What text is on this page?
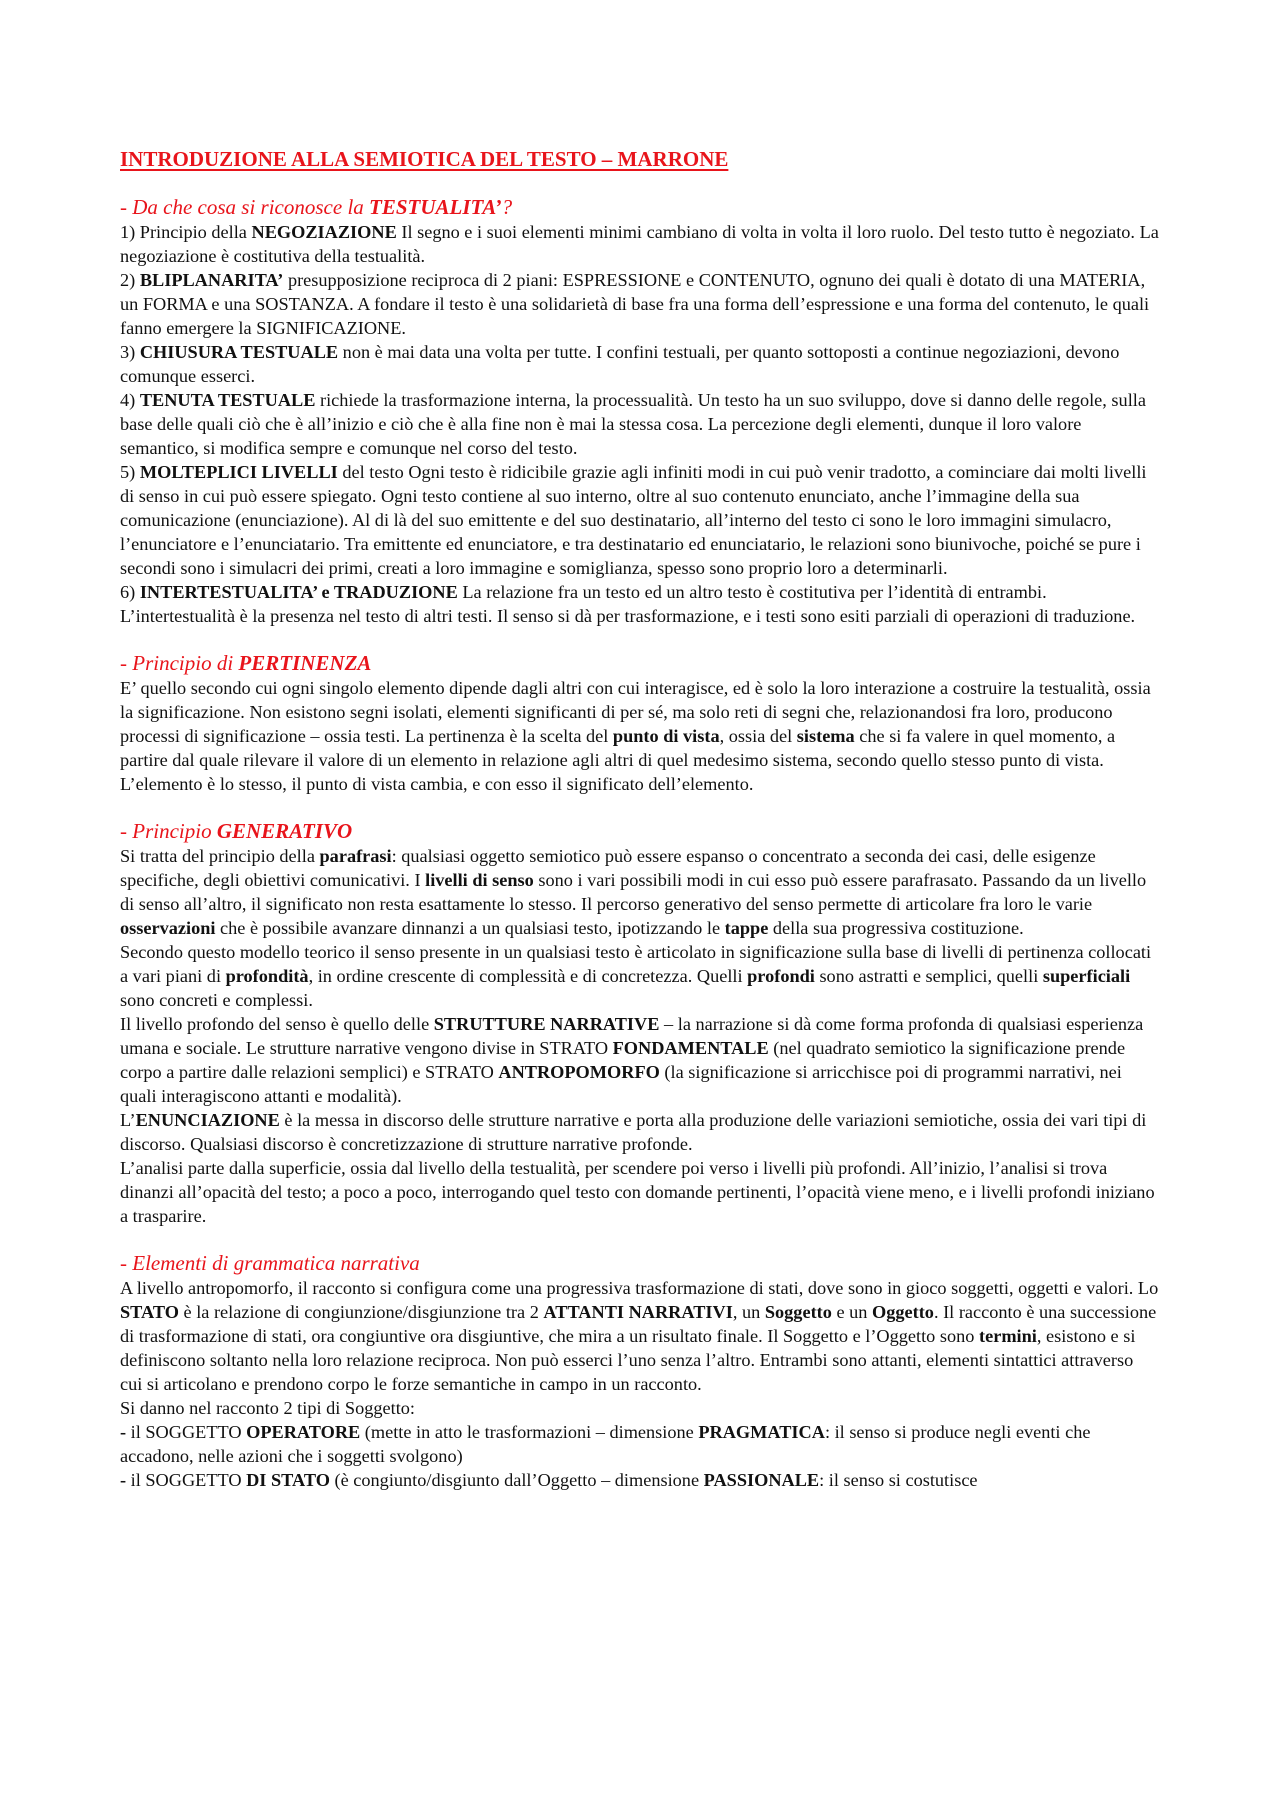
INTRODUZIONE ALLA SEMIOTICA DEL TESTO – MARRONE
- Da che cosa si riconosce la TESTUALITA’?

1) Principio della NEGOZIAZIONE Il segno e i suoi elementi minimi cambiano di volta in volta il loro ruolo. Del testo tutto è negoziato. La negoziazione è costitutiva della testualità.

2) BLIPLANARITA’ presupposizione reciproca di 2 piani: ESPRESSIONE e CONTENUTO, ognuno dei quali è dotato di una MATERIA, un FORMA e una SOSTANZA. A fondare il testo è una solidarietà di base fra una forma dell’espressione e una forma del contenuto, le quali fanno emergere la SIGNIFICAZIONE.

3) CHIUSURA TESTUALE non è mai data una volta per tutte. I confini testuali, per quanto sottoposti a continue negoziazioni, devono comunque esserci.

4) TENUTA TESTUALE richiede la trasformazione interna, la processualità. Un testo ha un suo sviluppo, dove si danno delle regole, sulla base delle quali ciò che è all’inizio e ciò che è alla fine non è mai la stessa cosa. La percezione degli elementi, dunque il loro valore semantico, si modifica sempre e comunque nel corso del testo.

5) MOLTEPLICI LIVELLI del testo Ogni testo è ridicibile grazie agli infiniti modi in cui può venir tradotto, a cominciare dai molti livelli di senso in cui può essere spiegato. Ogni testo contiene al suo interno, oltre al suo contenuto enunciato, anche l’immagine della sua comunicazione (enunciazione). Al di là del suo emittente e del suo destinatario, all’interno del testo ci sono le loro immagini simulacro, l’enunciatore e l’enunciatario. Tra emittente ed enunciatore, e tra destinatario ed enunciatario, le relazioni sono biunivoche, poiché se pure i secondi sono i simulacri dei primi, creati a loro immagine e somiglianza, spesso sono proprio loro a determinarli.

6) INTERTESTUALITA’ e TRADUZIONE La relazione fra un testo ed un altro testo è costitutiva per l’identità di entrambi. L’intertestualità è la presenza nel testo di altri testi. Il senso si dà per trasformazione, e i testi sono esiti parziali di operazioni di traduzione.

- Principio di PERTINENZA

E’ quello secondo cui ogni singolo elemento dipende dagli altri con cui interagisce, ed è solo la loro interazione a costruire la testualità, ossia la significazione. Non esistono segni isolati, elementi significanti di per sé, ma solo reti di segni che, relazionandosi fra loro, producono processi di significazione – ossia testi. La pertinenza è la scelta del punto di vista, ossia del sistema che si fa valere in quel momento, a partire dal quale rilevare il valore di un elemento in relazione agli altri di quel medesimo sistema, secondo quello stesso punto di vista. L’elemento è lo stesso, il punto di vista cambia, e con esso il significato dell’elemento.

- Principio GENERATIVO

Si tratta del principio della parafrasi: qualsiasi oggetto semiotico può essere espanso o concentrato a seconda dei casi, delle esigenze specifiche, degli obiettivi comunicativi. I livelli di senso sono i vari possibili modi in cui esso può essere parafrasato. Passando da un livello di senso all’altro, il significato non resta esattamente lo stesso. Il percorso generativo del senso permette di articolare fra loro le varie osservazioni che è possibile avanzare dinnanzi a un qualsiasi testo, ipotizzando le tappe della sua progressiva costituzione.

Secondo questo modello teorico il senso presente in un qualsiasi testo è articolato in significazione sulla base di livelli di pertinenza collocati a vari piani di profondità, in ordine crescente di complessità e di concretezza. Quelli profondi sono astratti e semplici, quelli superficiali sono concreti e complessi.

Il livello profondo del senso è quello delle STRUTTURE NARRATIVE – la narrazione si dà come forma profonda di qualsiasi esperienza umana e sociale. Le strutture narrative vengono divise in STRATO FONDAMENTALE (nel quadrato semiotico la significazione prende corpo a partire dalle relazioni semplici) e STRATO ANTROPOMORFO (la significazione si arricchisce poi di programmi narrativi, nei quali interagiscono attanti e modalità).

L’ENUNCIAZIONE è la messa in discorso delle strutture narrative e porta alla produzione delle variazioni semiotiche, ossia dei vari tipi di discorso. Qualsiasi discorso è concretizzazione di strutture narrative profonde.

L’analisi parte dalla superficie, ossia dal livello della testualità, per scendere poi verso i livelli più profondi. All’inizio, l’analisi si trova dinanzi all’opacità del testo; a poco a poco, interrogando quel testo con domande pertinenti, l’opacità viene meno, e i livelli profondi iniziano a trasparire.

- Elementi di grammatica narrativa

A livello antropomorfo, il racconto si configura come una progressiva trasformazione di stati, dove sono in gioco soggetti, oggetti e valori. Lo STATO è la relazione di congiunzione/disgiunzione tra 2 ATTANTI NARRATIVI, un Soggetto e un Oggetto. Il racconto è una successione di trasformazione di stati, ora congiuntive ora disgiuntive, che mira a un risultato finale. Il Soggetto e l’Oggetto sono termini, esistono e si definiscono soltanto nella loro relazione reciproca. Non può esserci l’uno senza l’altro. Entrambi sono attanti, elementi sintattici attraverso cui si articolano e prendono corpo le forze semantiche in campo in un racconto.

Si danno nel racconto 2 tipi di Soggetto:

- il SOGGETTO OPERATORE (mette in atto le trasformazioni – dimensione PRAGMATICA: il senso si produce negli eventi che accadono, nelle azioni che i soggetti svolgono)

- il SOGGETTO DI STATO (è congiunto/disgiunto dall’Oggetto – dimensione PASSIONALE: il senso si costutisce
